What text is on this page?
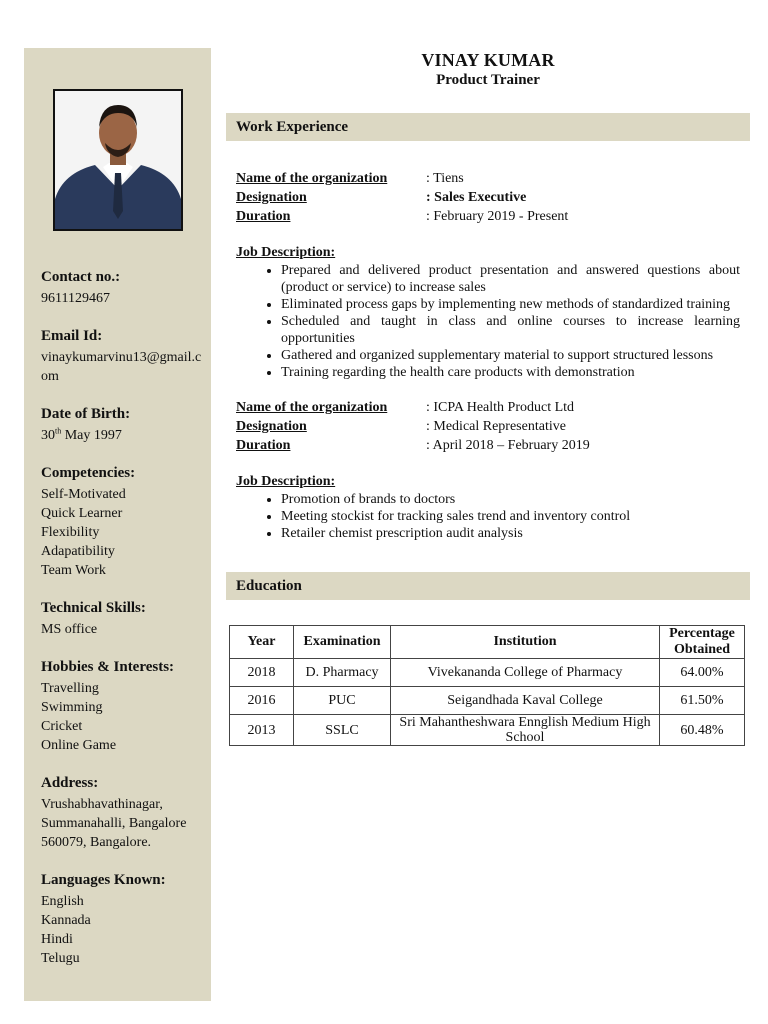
Contact no.:
9611129467
Email Id:
vinaykumarvinu13@gmail.com
Date of Birth:
30th May 1997
Competencies:
Self-Motivated
Quick Learner
Flexibility
Adapatibility
Team Work
Technical Skills:
MS office
Hobbies & Interests:
Travelling
Swimming
Cricket
Online Game
Address:
Vrushabhavathinagar,
Summanahalli, Bangalore
560079, Bangalore.
Languages Known:
English
Kannada
Hindi
Telugu
VINAY KUMAR
Product Trainer
Work Experience
Name of the organization	: Tiens
Designation	: Sales Executive
Duration	: February 2019 - Present
Job Description:
• Prepared and delivered product presentation and answered questions about (product or service) to increase sales
• Eliminated process gaps by implementing new methods of standardized training
• Scheduled and taught in class and online courses to increase learning opportunities
• Gathered and organized supplementary material to support structured lessons
• Training regarding the health care products with demonstration
Name of the organization	: ICPA Health Product Ltd
Designation	: Medical Representative
Duration	: April 2018 – February 2019
Job Description:
• Promotion of brands to doctors
• Meeting stockist for tracking sales trend and inventory control
• Retailer chemist prescription audit analysis
Education
Year	Examination	Institution	Percentage Obtained
2018	D. Pharmacy	Vivekananda College of Pharmacy	64.00%
2016	PUC	Seigandhada Kaval College	61.50%
2013	SSLC	Sri Mahantheshwara Ennglish Medium High School	60.48%
